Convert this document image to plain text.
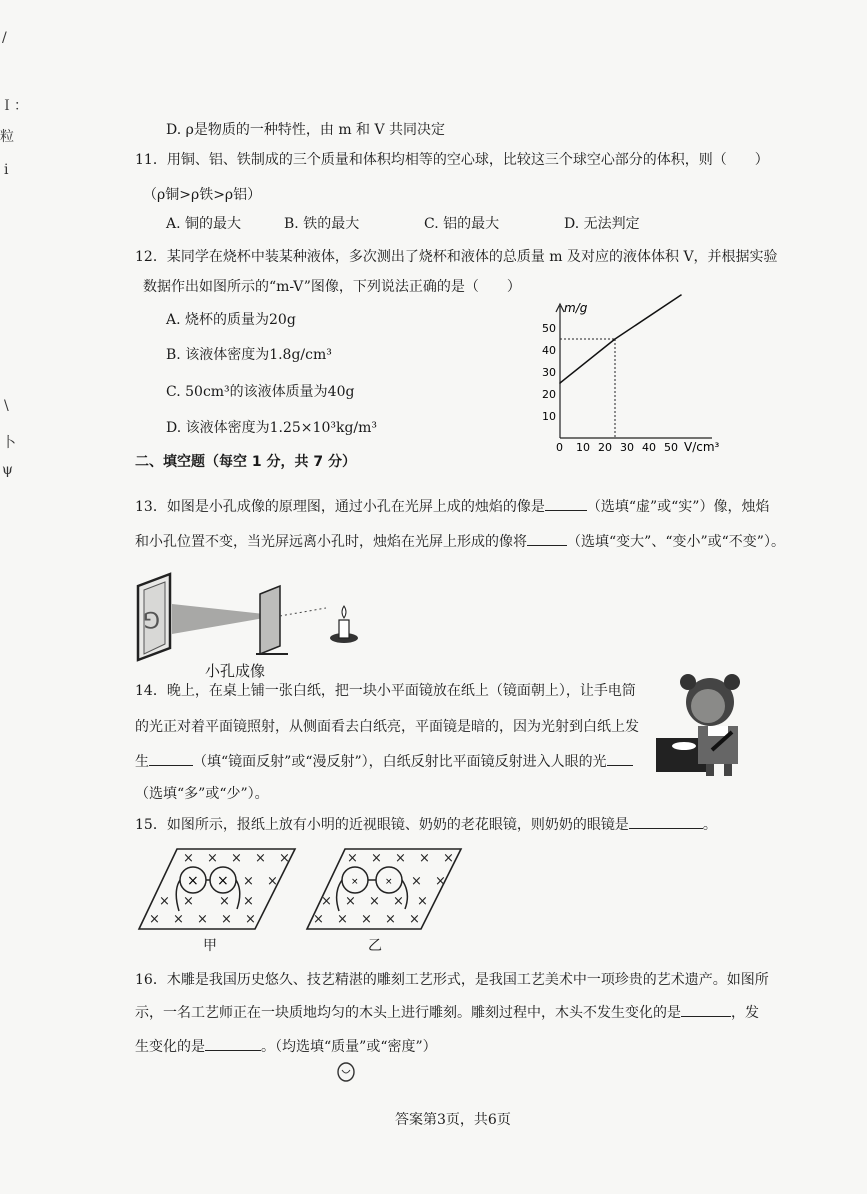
/
Ｉ：
粒
i
\
卜
ψ
D. ρ是物质的一种特性，由 m 和 V 共同决定
11．用铜、铝、铁制成的三个质量和体积均相等的空心球，比较这三个球空心部分的体积，则（　　）
（ρ铜>ρ铁>ρ铝）
A. 铜的最大	B. 铁的最大	C. 铝的最大	D. 无法判定
12．某同学在烧杯中装某种液体，多次测出了烧杯和液体的总质量 m 及对应的液体体积 V，并根据实验
数据作出如图所示的“m-V”图像，下列说法正确的是（　　）
A. 烧杯的质量为20g
B. 该液体密度为1.8g/cm³
C. 50cm³的该液体质量为40g
D. 该液体密度为1.25×10³kg/m³
m/g
V/cm³
10
20
30
40
50
0 10 20 30 40 50
二、填空题（每空 1 分，共 7 分）
13．如图是小孔成像的原理图，通过小孔在光屏上成的烛焰的像是	（选填“虚”或“实”）像，烛焰
和小孔位置不变，当光屏远离小孔时，烛焰在光屏上形成的像将	（选填“变大”、“变小”或“不变”）。
G
小孔成像
14．晚上，在桌上铺一张白纸，把一块小平面镜放在纸上（镜面朝上），让手电筒
的光正对着平面镜照射，从侧面看去白纸亮，平面镜是暗的，因为光射到白纸上发
生	（填“镜面反射”或“漫反射”），白纸反射比平面镜反射进入人眼的光
（选填“多”或“少”）。
15．如图所示，报纸上放有小明的近视眼镜、奶奶的老花眼镜，则奶奶的眼镜是	。
× × × × ×
× ×
× × × ×
× × × × ×
× ×
× × × × ×
× ×
× × × × ×
× × × × ×
×	×
甲	乙
16．木雕是我国历史悠久、技艺精湛的雕刻工艺形式，是我国工艺美术中一项珍贵的艺术遗产。如图所
示，一名工艺师正在一块质地均匀的木头上进行雕刻。雕刻过程中，木头不发生变化的是	，发
生变化的是	。（均选填“质量”或“密度”）
答案第3页，共6页
